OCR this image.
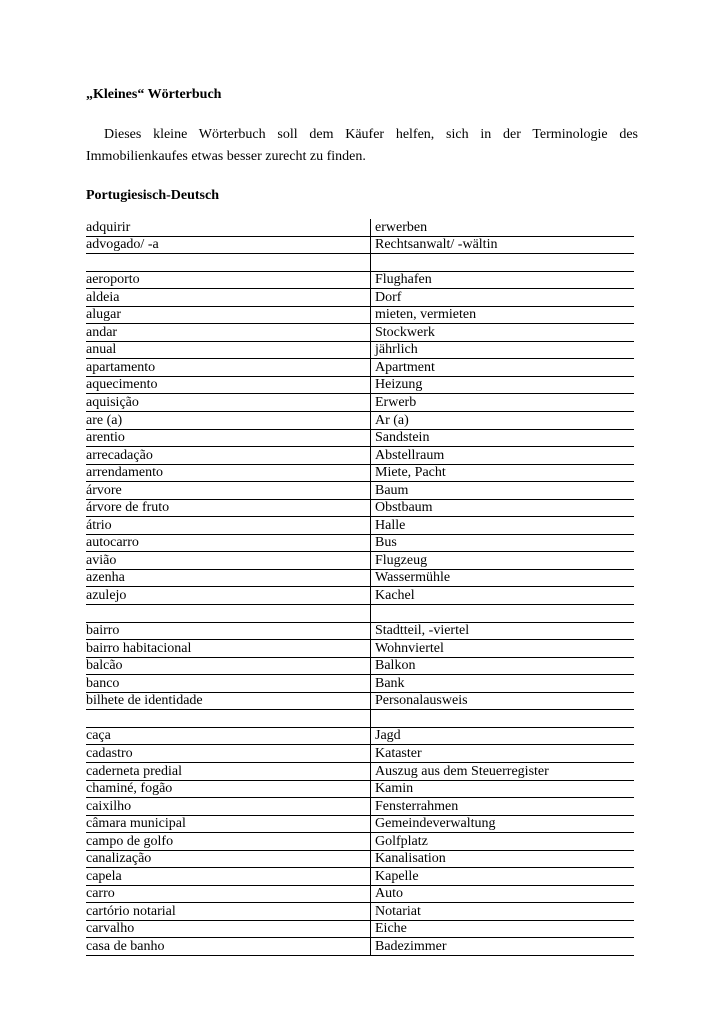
„Kleines“ Wörterbuch
Dieses kleine Wörterbuch soll dem Käufer helfen, sich in der Terminologie des
Immobilienkaufes etwas besser zurecht zu finden.
Portugiesisch-Deutsch
adquirir	erwerben
advogado/ -a	Rechtsanwalt/ -wältin

aeroporto	Flughafen
aldeia	Dorf
alugar	mieten, vermieten
andar	Stockwerk
anual	jährlich
apartamento	Apartment
aquecimento	Heizung
aquisição	Erwerb
are (a)	Ar (a)
arentio	Sandstein
arrecadação	Abstellraum
arrendamento	Miete, Pacht
árvore	Baum
árvore de fruto	Obstbaum
átrio	Halle
autocarro	Bus
avião	Flugzeug
azenha	Wassermühle
azulejo	Kachel

bairro	Stadtteil, -viertel
bairro habitacional	Wohnviertel
balcão	Balkon
banco	Bank
bilhete de identidade	Personalausweis

caça	Jagd
cadastro	Kataster
caderneta predial	Auszug aus dem Steuerregister
chaminé, fogão	Kamin
caixilho	Fensterrahmen
câmara municipal	Gemeindeverwaltung
campo de golfo	Golfplatz
canalização	Kanalisation
capela	Kapelle
carro	Auto
cartório notarial	Notariat
carvalho	Eiche
casa de banho	Badezimmer
